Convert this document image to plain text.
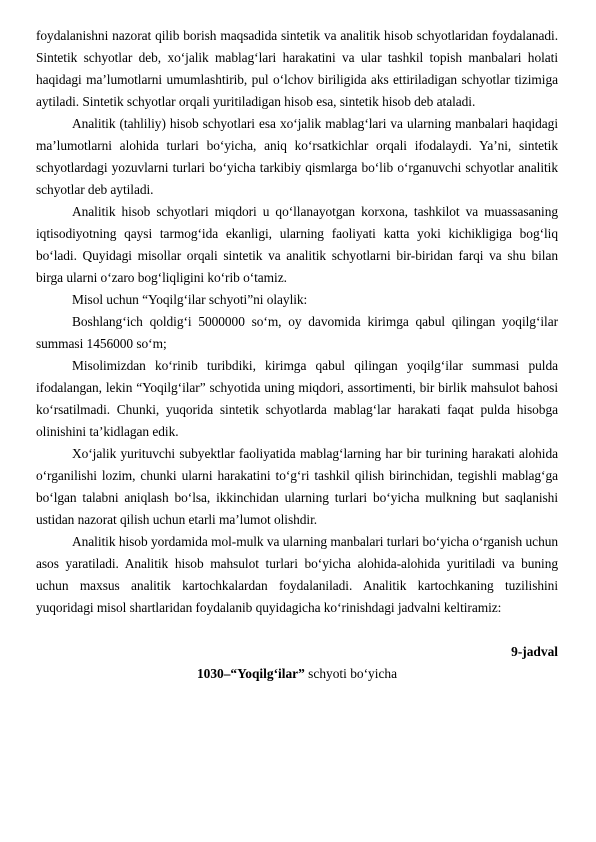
foydalanishni nazorat qilib borish maqsadida sintetik va analitik hisob schyotlaridan foydalanadi. Sintetik schyotlar deb, xo‘jalik mablag‘lari harakatini va ular tashkil topish manbalari holati haqidagi ma’lumotlarni umumlashtirib, pul o‘lchov biriligida aks ettiriladigan schyotlar tizimiga aytiladi. Sintetik schyotlar orqali yuritiladigan hisob esa, sintetik hisob deb ataladi.

Analitik (tahliliy) hisob schyotlari esa xo‘jalik mablag‘lari va ularning manbalari haqidagi ma’lumotlarni alohida turlari bo‘yicha, aniq ko‘rsatkichlar orqali ifodalaydi. Ya’ni, sintetik schyotlardagi yozuvlarni turlari bo‘yicha tarkibiy qismlarga bo‘lib o‘rganuvchi schyotlar analitik schyotlar deb aytiladi.

Analitik hisob schyotlari miqdori u qo‘llanayotgan korxona, tashkilot va muassasaning iqtisodiyotning qaysi tarmog‘ida ekanligi, ularning faoliyati katta yoki kichikligiga bog‘liq bo‘ladi. Quyidagi misollar orqali sintetik va analitik schyotlarni bir-biridan farqi va shu bilan birga ularni o‘zaro bog‘liqligini ko‘rib o‘tamiz.

Misol uchun “Yoqilg‘ilar schyoti”ni olaylik:

Boshlang‘ich qoldig‘i 5000000 so‘m, oy davomida kirimga qabul qilingan yoqilg‘ilar summasi 1456000 so‘m;

Misolimizdan ko‘rinib turibdiki, kirimga qabul qilingan yoqilg‘ilar summasi pulda ifodalangan, lekin “Yoqilg‘ilar” schyotida uning miqdori, assortimenti, bir birlik mahsulot bahosi ko‘rsatilmadi. Chunki, yuqorida sintetik schyotlarda mablag‘lar harakati faqat pulda hisobga olinishini ta’kidlagan edik.

Xo‘jalik yurituvchi subyektlar faoliyatida mablag‘larning har bir turining harakati alohida o‘rganilishi lozim, chunki ularni harakatini to‘g‘ri tashkil qilish birinchidan, tegishli mablag‘ga bo‘lgan talabni aniqlash bo‘lsa, ikkinchidan ularning turlari bo‘yicha mulkning but saqlanishi ustidan nazorat qilish uchun etarli ma’lumot olishdir.

Analitik hisob yordamida mol-mulk va ularning manbalari turlari bo‘yicha o‘rganish uchun asos yaratiladi. Analitik hisob mahsulot turlari bo‘yicha alohida-alohida yuritiladi va buning uchun maxsus analitik kartochkalardan foydalaniladi. Analitik kartochkaning tuzilishini yuqoridagi misol shartlaridan foydalanib quyidagicha ko‘rinishdagi jadvalni keltiramiz:

9-jadval

1030–“Yoqilg‘ilar” schyoti bo‘yicha
